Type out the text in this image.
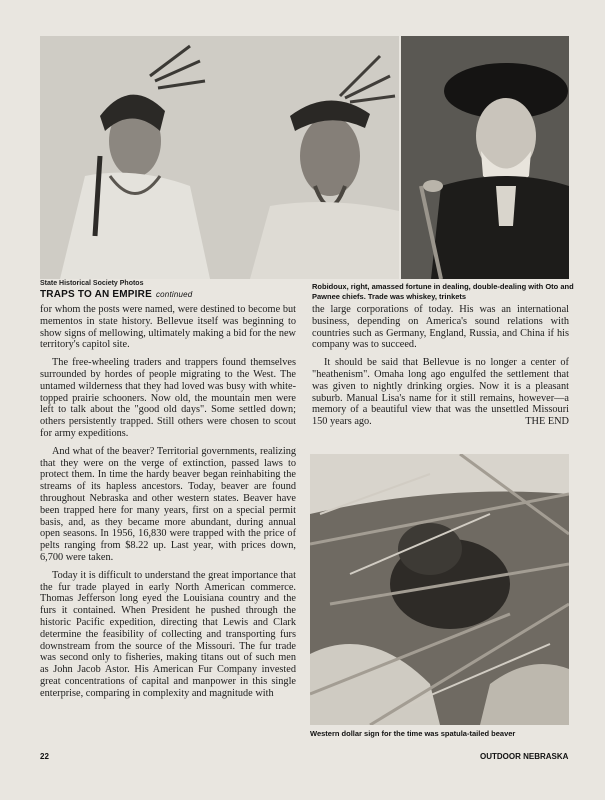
State Historical Society Photos
TRAPS TO AN EMPIRE continued
Robidoux, right, amassed fortune in dealing, double-dealing with Oto and Pawnee chiefs. Trade was whiskey, trinkets

for whom the posts were named, were destined to become but mementos in state history. Bellevue itself was beginning to show signs of mellowing, ultimately making a bid for the new territory's capitol site.

The free-wheeling traders and trappers found themselves surrounded by hordes of people migrating to the West. The untamed wilderness that they had loved was busy with white-topped prairie schooners. Now old, the mountain men were left to talk about the "good old days". Some settled down; others persistently trapped. Still others were chosen to scout for army expeditions.

And what of the beaver? Territorial governments, realizing that they were on the verge of extinction, passed laws to protect them. In time the hardy beaver began reinhabiting the streams of its hapless ancestors. Today, beaver are found throughout Nebraska and other western states. Beaver have been trapped here for many years, first on a special permit basis, and, as they became more abundant, during annual open seasons. In 1956, 16,830 were trapped with the price of pelts ranging from $8.22 up. Last year, with prices down, 6,700 were taken.

Today it is difficult to understand the great importance that the fur trade played in early North American commerce. Thomas Jefferson long eyed the Louisiana country and the furs it contained. When President he pushed through the historic Pacific expedition, directing that Lewis and Clark determine the feasibility of collecting and transporting furs downstream from the source of the Missouri. The fur trade was second only to fisheries, making titans out of such men as John Jacob Astor. His American Fur Company invested great concentrations of capital and manpower in this single enterprise, comparing in complexity and magnitude with

the large corporations of today. His was an international business, depending on America's sound relations with countries such as Germany, England, Russia, and China if his company was to succeed.

It should be said that Bellevue is no longer a center of "heathenism". Omaha long ago engulfed the settlement that was given to nightly drinking orgies. Now it is a pleasant suburb. Manual Lisa's name for it still remains, however—a memory of a beautiful view that was the unsettled Missouri 150 years ago.	THE END
Western dollar sign for the time was spatula-tailed beaver
22	OUTDOOR NEBRASKA
